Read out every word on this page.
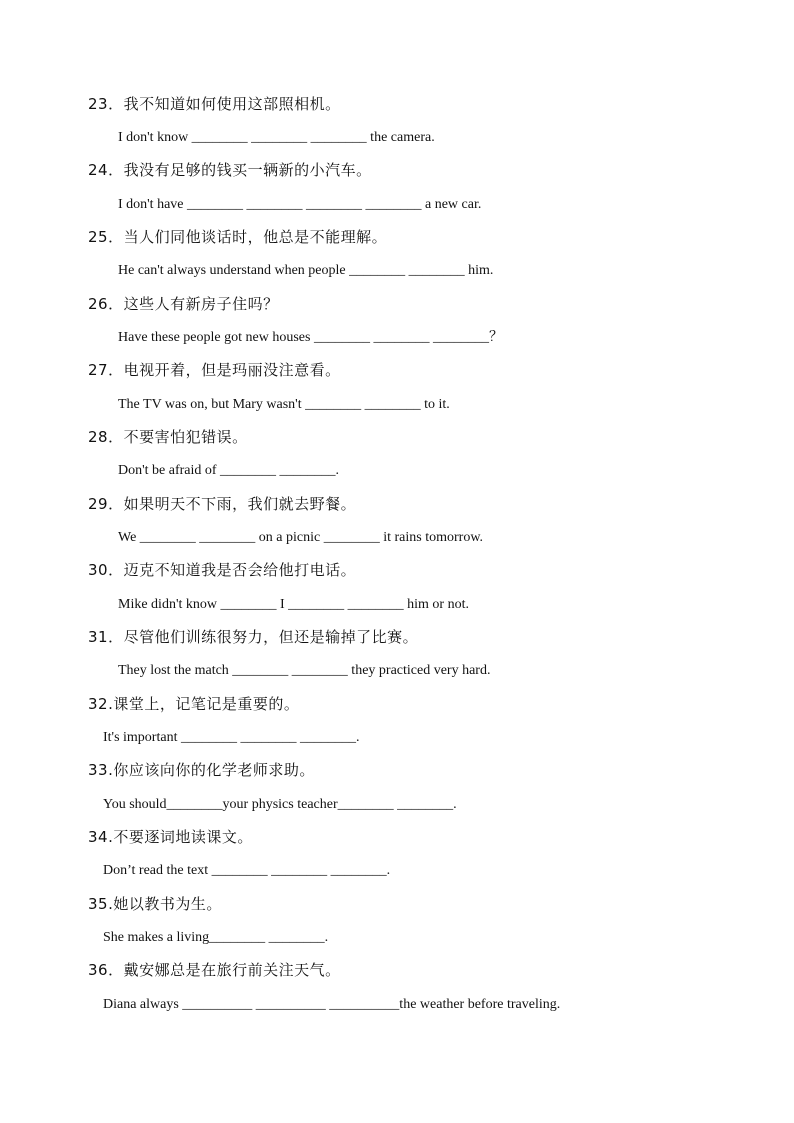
23．我不知道如何使用这部照相机。
I don't know ________ ________ ________ the camera.
24．我没有足够的钱买一辆新的小汽车。
I don't have ________ ________ ________ ________ a new car.
25．当人们同他谈话时，他总是不能理解。
He can't always understand when people ________ ________ him.
26．这些人有新房子住吗？
Have these people got new houses ________ ________ ________？
27．电视开着，但是玛丽没注意看。
The TV was on, but Mary wasn't ________ ________ to it.
28．不要害怕犯错误。
Don't be afraid of ________ ________.
29．如果明天不下雨，我们就去野餐。
We ________ ________ on a picnic ________ it rains tomorrow.
30．迈克不知道我是否会给他打电话。
Mike didn't know ________ I ________ ________ him or not.
31．尽管他们训练很努力，但还是输掉了比赛。
They lost the match ________ ________ they practiced very hard.
32.课堂上，记笔记是重要的。
It's important ________ ________ ________.
33.你应该向你的化学老师求助。
You should________your physics teacher________ ________.
34.不要逐词地读课文。
Don’t read the text ________ ________ ________.
35.她以教书为生。
She makes a living________ ________.
36．戴安娜总是在旅行前关注天气。
Diana always __________ __________ __________the weather before traveling.
